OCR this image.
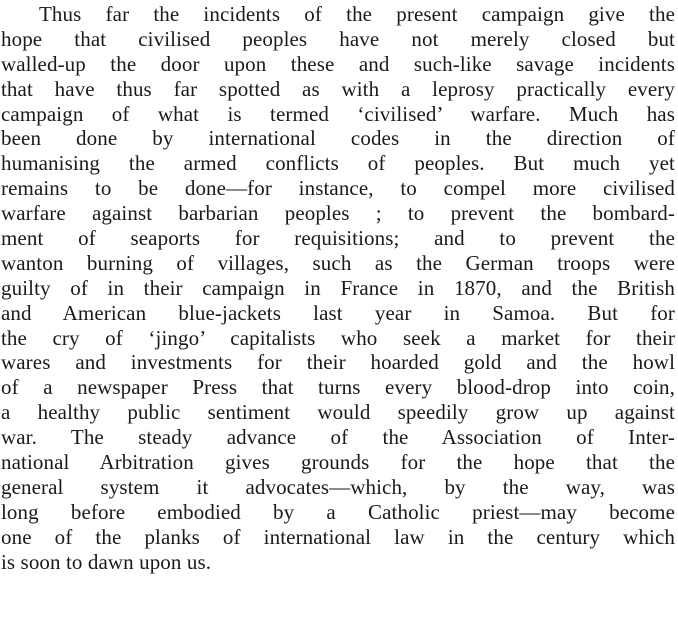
Thus far the incidents of the present campaign give the
hope that civilised peoples have not merely closed but
walled-up the door upon these and such-like savage incidents
that have thus far spotted as with a leprosy practically every
campaign of what is termed ‘civilised’ warfare. Much has
been done by international codes in the direction of
humanising the armed conflicts of peoples. But much yet
remains to be done—for instance, to compel more civilised
warfare against barbarian peoples ; to prevent the bombard-
ment of seaports for requisitions; and to prevent the
wanton burning of villages, such as the German troops were
guilty of in their campaign in France in 1870, and the British
and American blue-jackets last year in Samoa. But for
the cry of ‘jingo’ capitalists who seek a market for their
wares and investments for their hoarded gold and the howl
of a newspaper Press that turns every blood-drop into coin,
a healthy public sentiment would speedily grow up against
war. The steady advance of the Association of Inter-
national Arbitration gives grounds for the hope that the
general system it advocates—which, by the way, was
long before embodied by a Catholic priest—may become
one of the planks of international law in the century which
is soon to dawn upon us.
